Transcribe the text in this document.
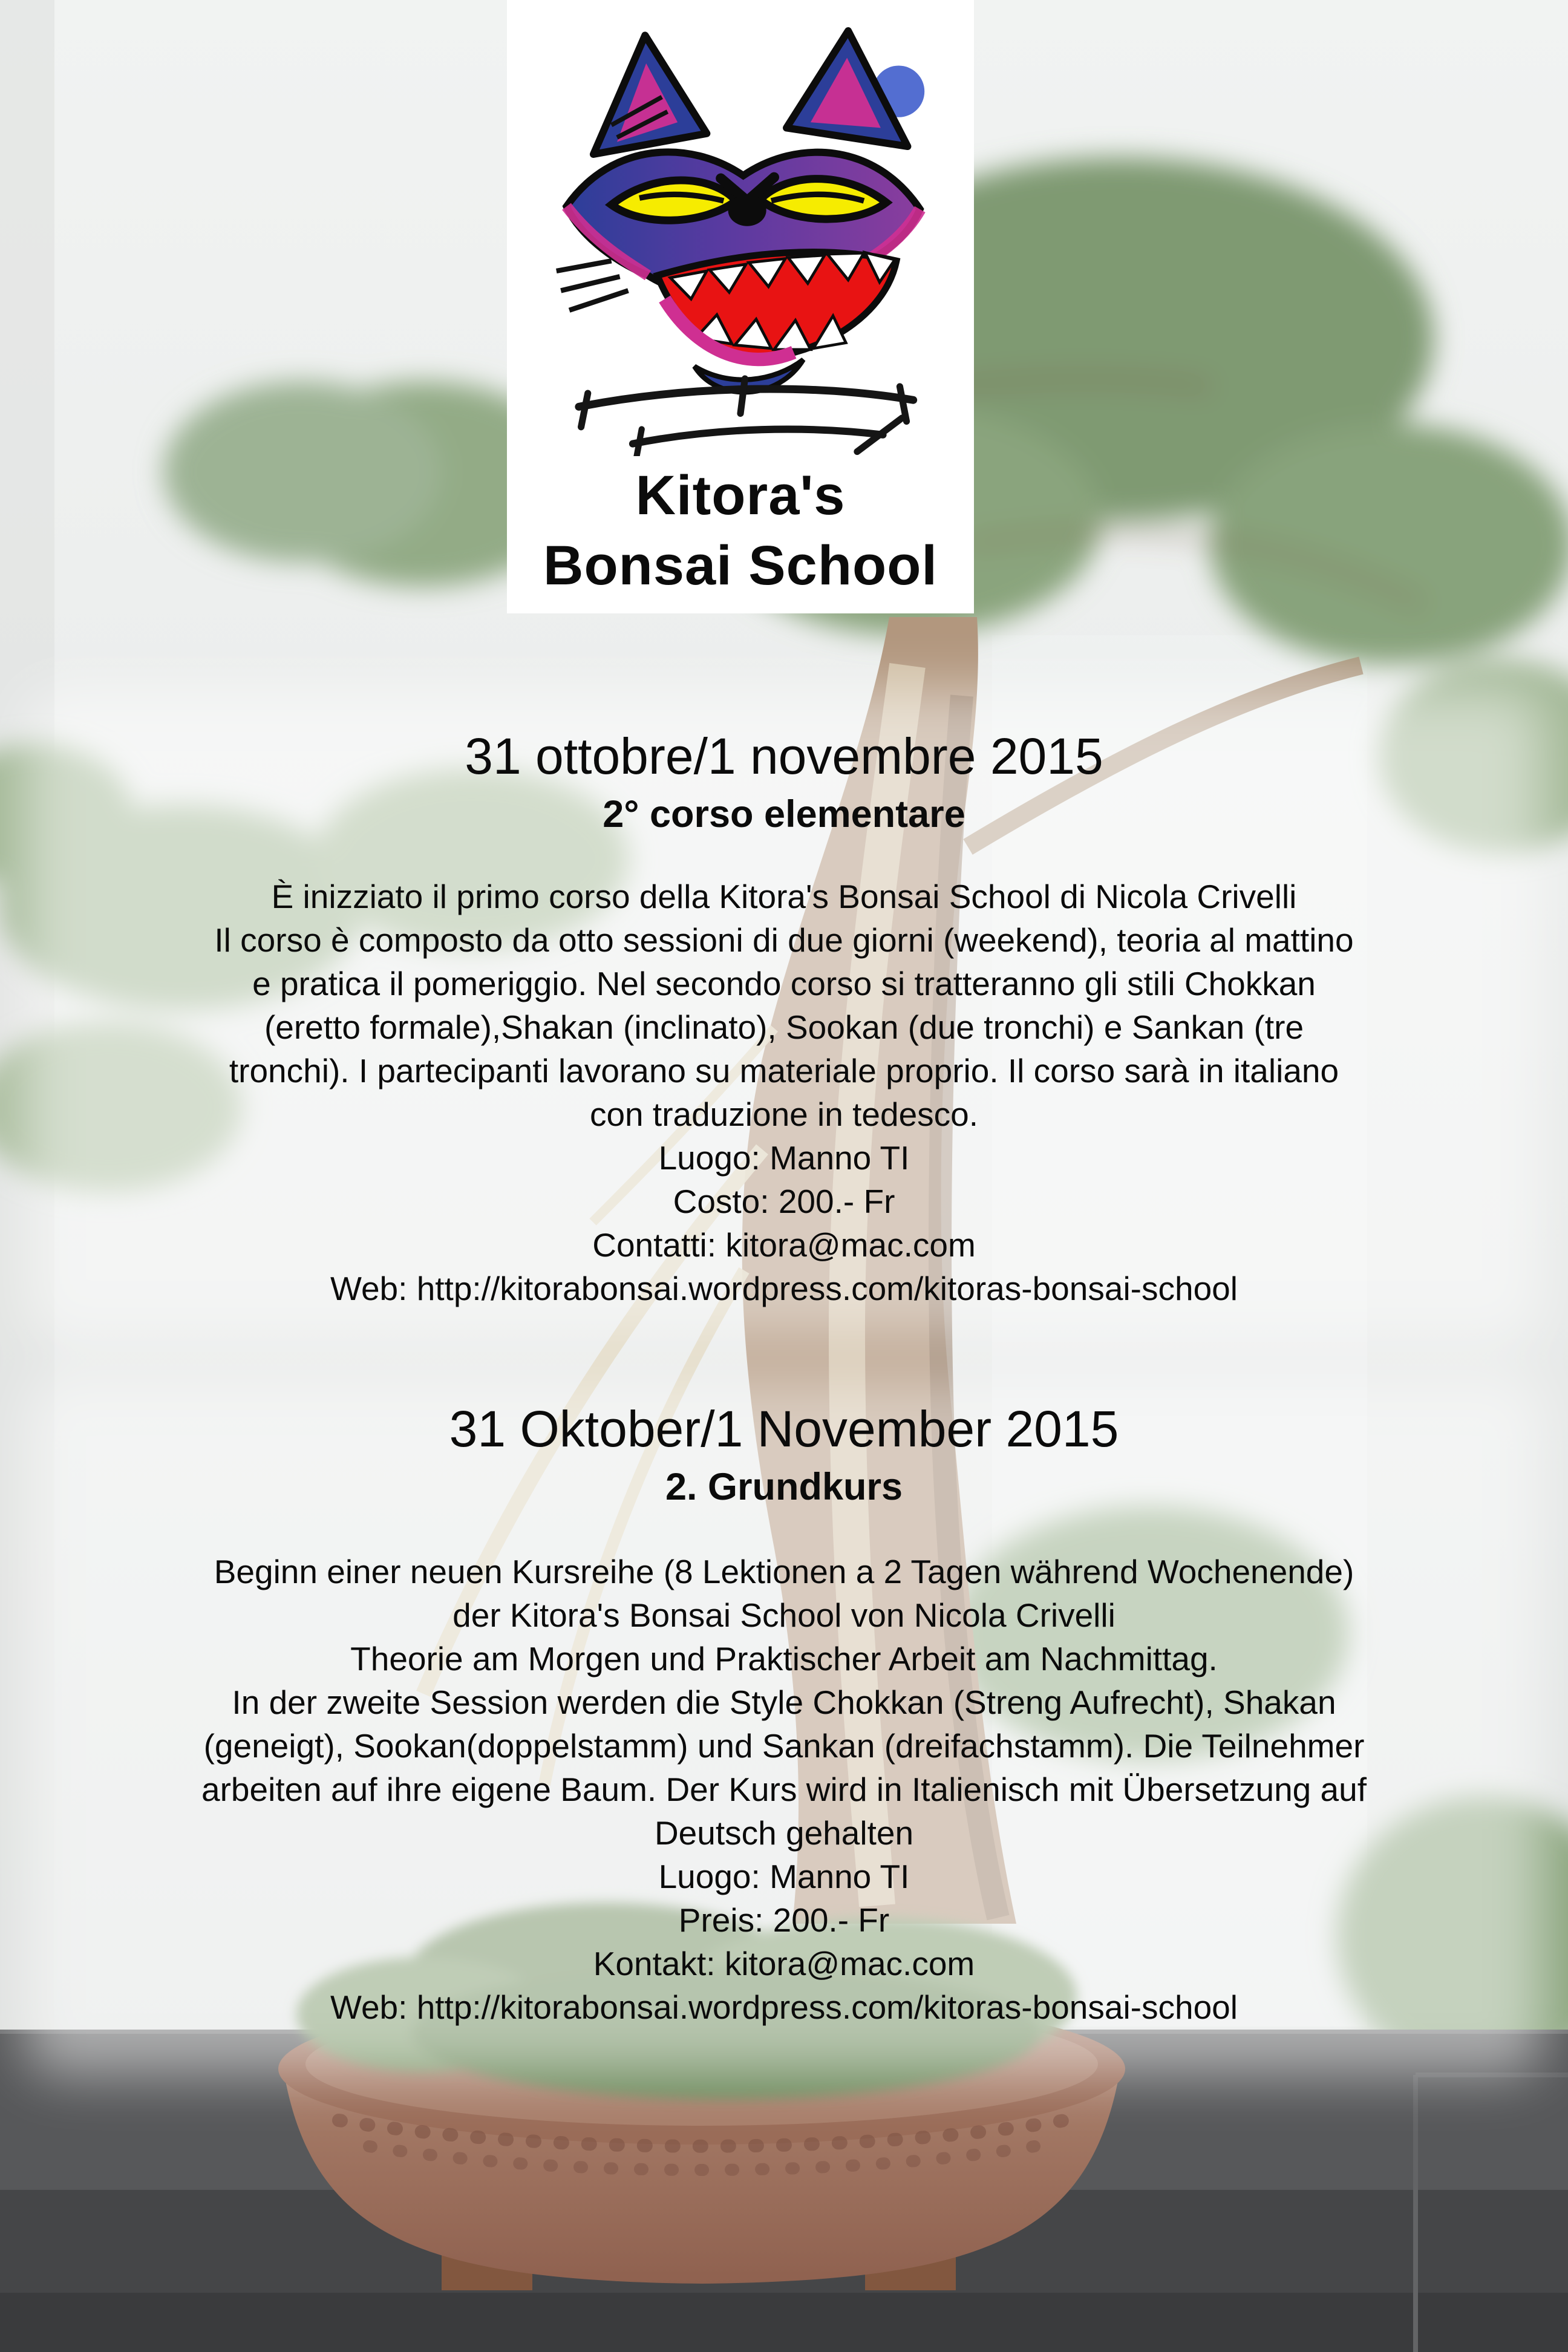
Kitora's
Bonsai School
31 ottobre/1 novembre 2015
2° corso elementare
È inizziato il primo corso della Kitora's Bonsai School di Nicola Crivelli
Il corso è composto da otto sessioni di due giorni (weekend), teoria al mattino
e pratica il pomeriggio. Nel secondo corso si tratteranno gli stili Chokkan
(eretto formale),Shakan (inclinato), Sookan (due tronchi) e Sankan (tre
tronchi). I partecipanti lavorano su materiale proprio. Il corso sarà in italiano
con traduzione in tedesco.
Luogo: Manno TI
Costo: 200.- Fr
Contatti: kitora@mac.com
Web: http://kitorabonsai.wordpress.com/kitoras-bonsai-school
31 Oktober/1 November 2015
2. Grundkurs
Beginn einer neuen Kursreihe (8 Lektionen a 2 Tagen während Wochenende)
der Kitora's Bonsai School von Nicola Crivelli
Theorie am Morgen und Praktischer Arbeit am Nachmittag.
In der zweite Session werden die Style Chokkan (Streng Aufrecht), Shakan
(geneigt), Sookan(doppelstamm) und Sankan (dreifachstamm). Die Teilnehmer
arbeiten auf ihre eigene Baum. Der Kurs wird in Italienisch mit Übersetzung auf
Deutsch gehalten
Luogo: Manno TI
Preis: 200.- Fr
Kontakt: kitora@mac.com
Web: http://kitorabonsai.wordpress.com/kitoras-bonsai-school
